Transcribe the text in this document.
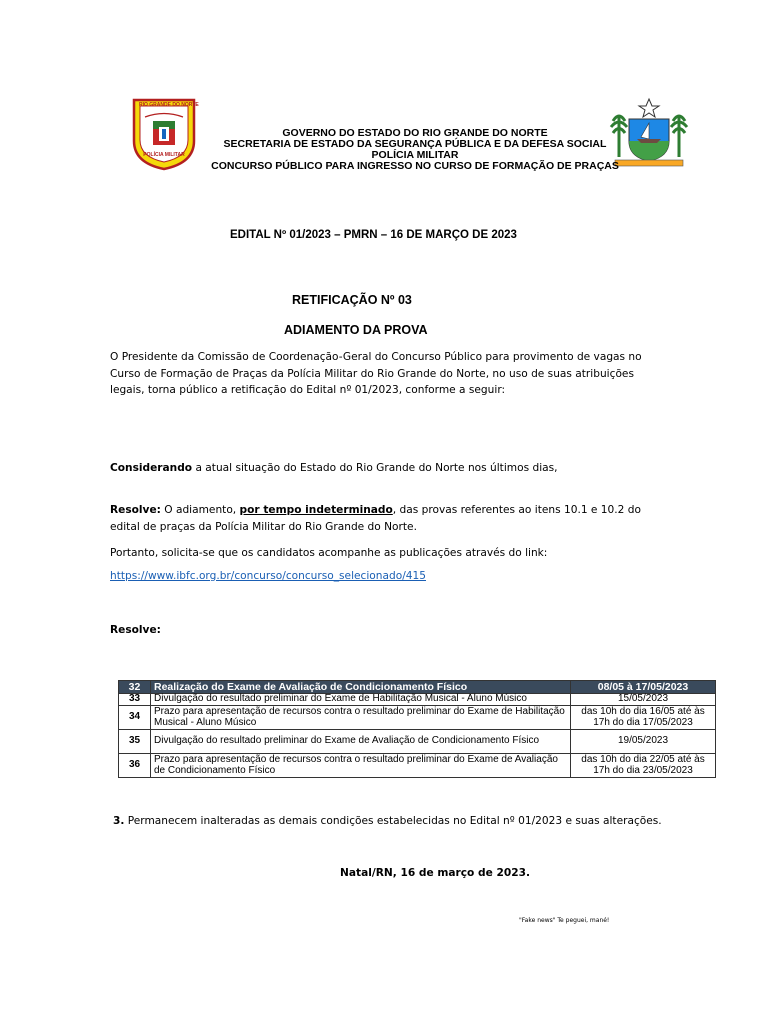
RIO GRANDE DO NORTE
POLÍCIA MILITAR
GOVERNO DO ESTADO DO RIO GRANDE DO NORTE
SECRETARIA DE ESTADO DA SEGURANÇA PÚBLICA E DA DEFESA SOCIAL
POLÍCIA MILITAR
CONCURSO PÚBLICO PARA INGRESSO NO CURSO DE FORMAÇÃO DE PRAÇAS
EDITAL Nº 01/2023 – PMRN – 16 DE MARÇO DE 2023
RETIFICAÇÃO Nº 03
ADIAMENTO DA PROVA
O Presidente da Comissão de Coordenação-Geral do Concurso Público para provimento de vagas no Curso de Formação de Praças da Polícia Militar do Rio Grande do Norte, no uso de suas atribuições legais, torna público a retificação do Edital nº 01/2023, conforme a seguir:
Considerando a atual situação do Estado do Rio Grande do Norte nos últimos dias,
Resolve: O adiamento, por tempo indeterminado, das provas referentes ao itens 10.1 e 10.2 do edital de praças da Polícia Militar do Rio Grande do Norte.
Portanto, solicita-se que os candidatos acompanhe as publicações através do link:
https://www.ibfc.org.br/concurso/concurso_selecionado/415
Resolve:
32	Realização do Exame de Avaliação de Condicionamento Físico	08/05 à 17/05/2023
33	Divulgação do resultado preliminar do Exame de Habilitação Musical - Aluno Músico	15/05/2023
34	Prazo para apresentação de recursos contra o resultado preliminar do Exame de Habilitação Musical - Aluno Músico	das 10h do dia 16/05 até às 17h do dia 17/05/2023
35	Divulgação do resultado preliminar do Exame de Avaliação de Condicionamento Físico	19/05/2023
36	Prazo para apresentação de recursos contra o resultado preliminar do Exame de Avaliação de Condicionamento Físico	das 10h do dia 22/05 até às 17h do dia 23/05/2023
3. Permanecem inalteradas as demais condições estabelecidas no Edital nº 01/2023 e suas alterações.
Natal/RN, 16 de março de 2023.
"Fake news" Te peguei, mané!
